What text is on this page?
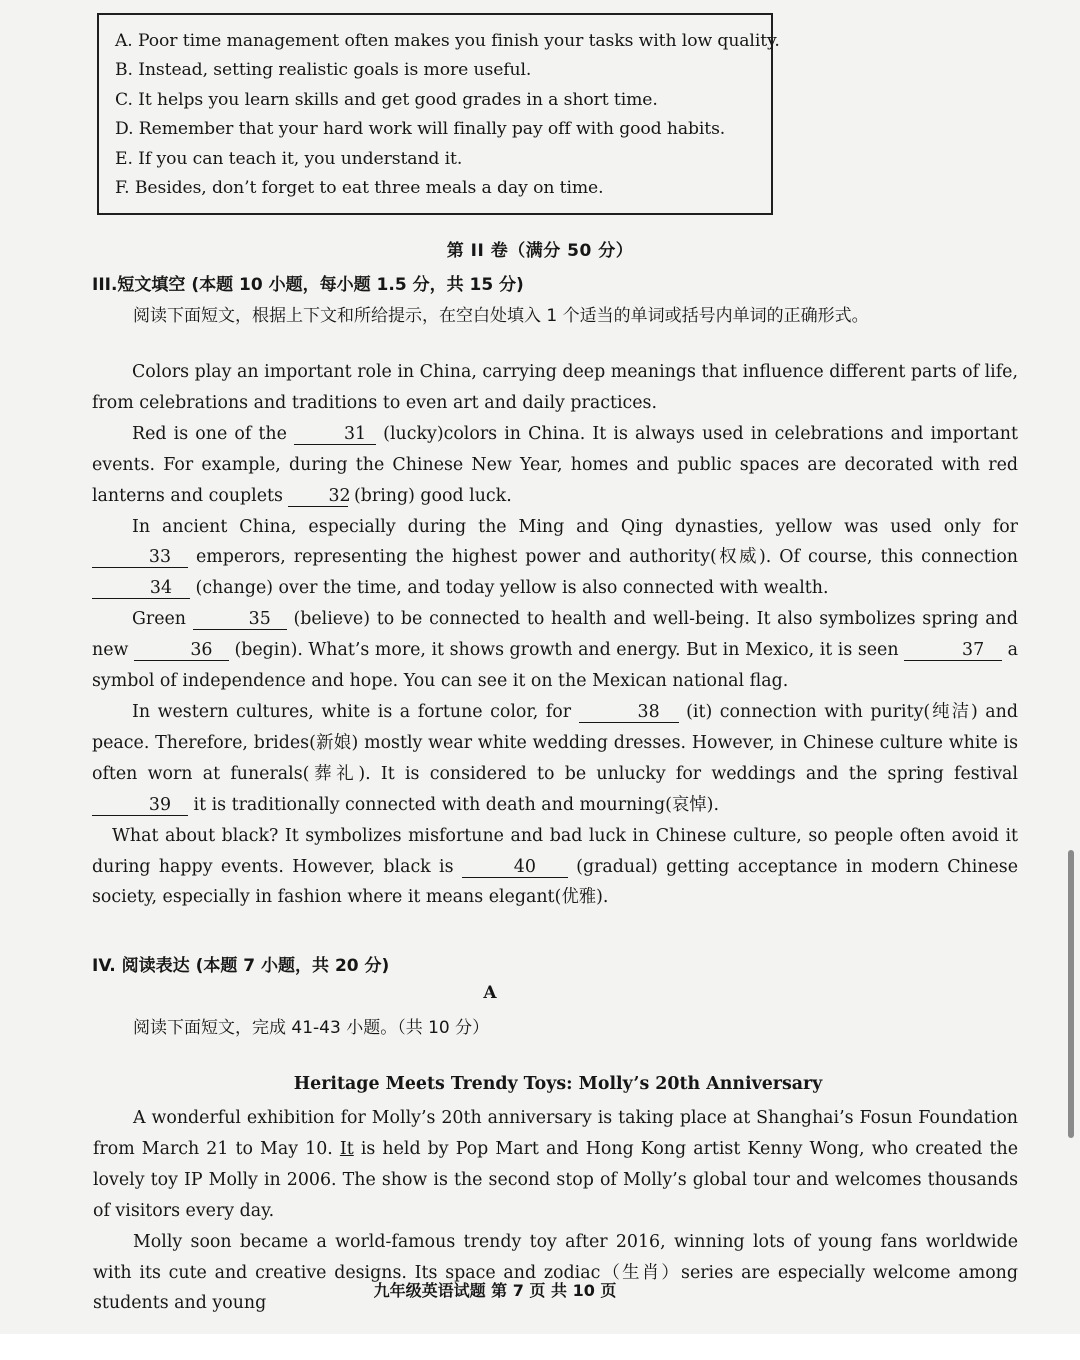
A. Poor time management often makes you finish your tasks with low quality.
B. Instead, setting realistic goals is more useful.
C. It helps you learn skills and get good grades in a short time.
D. Remember that your hard work will finally pay off with good habits.
E. If you can teach it, you understand it.
F. Besides, don’t forget to eat three meals a day on time.
第 II 卷（满分 50 分）
III.短文填空 (本题 10 小题，每小题 1.5 分，共 15 分)
阅读下面短文，根据上下文和所给提示，在空白处填入 1 个适当的单词或括号内单词的正确形式。

Colors play an important role in China, carrying deep meanings that influence different parts of life, from celebrations and traditions to even art and daily practices.

Red is one of the	31 (lucky)colors in China. It is always used in celebrations and important events. For example, during the Chinese New Year, homes and public spaces are decorated with red lanterns and couplets 32 (bring) good luck.

In ancient China, especially during the Ming and Qing dynasties, yellow was used only for 33 emperors, representing the highest power and authority(权威). Of course, this connection 34 (change) over the time, and today yellow is also connected with wealth.

Green	35 (believe) to be connected to health and well-being. It also symbolizes spring and new	36 (begin). What’s more, it shows growth and energy. But in Mexico, it is seen	37 a symbol of independence and hope. You can see it on the Mexican national flag.

In western cultures, white is a fortune color, for	38 (it) connection with purity(纯洁) and peace. Therefore, brides(新娘) mostly wear white wedding dresses. However, in Chinese culture white is often worn at funerals(葬礼). It is considered to be unlucky for weddings and the spring festival 39 it is traditionally connected with death and mourning(哀悼).

What about black? It symbolizes misfortune and bad luck in Chinese culture, so people often avoid it during happy events. However, black is	40 (gradual) getting acceptance in modern Chinese society, especially in fashion where it means elegant(优雅).

IV. 阅读表达 (本题 7 小题，共 20 分)
A
阅读下面短文，完成 41-43 小题。（共 10 分）
Heritage Meets Trendy Toys: Molly’s 20th Anniversary

A wonderful exhibition for Molly’s 20th anniversary is taking place at Shanghai’s Fosun Foundation from March 21 to May 10. It is held by Pop Mart and Hong Kong artist Kenny Wong, who created the lovely toy IP Molly in 2006. The show is the second stop of Molly’s global tour and welcomes thousands of visitors every day.

Molly soon became a world-famous trendy toy after 2016, winning lots of young fans worldwide with its cute and creative designs. Its space and zodiac（生肖）series are especially welcome among students and young

九年级英语试题 第 7 页 共 10 页
